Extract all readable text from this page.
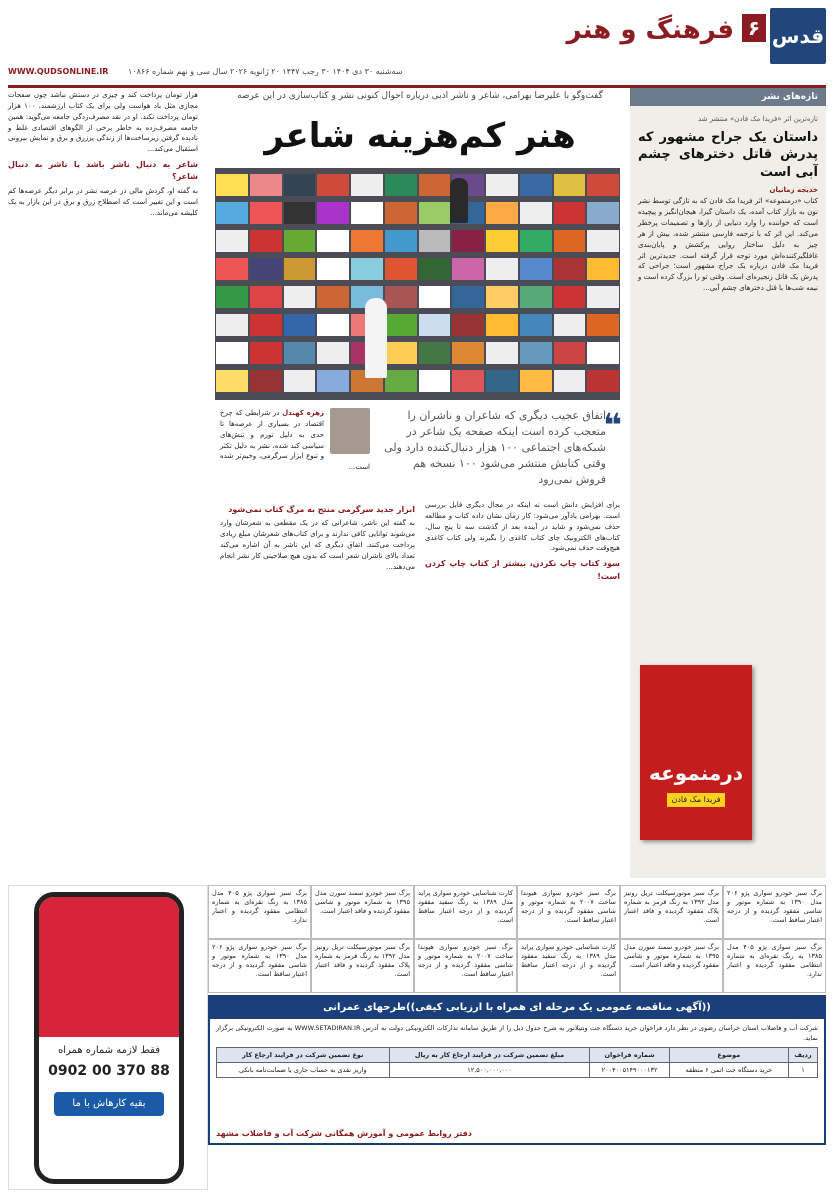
قدس
۶
فرهنگ و هنر
سه‌شنبه ۳۰ دی ۱۴۰۴ ۳۰ رجب ۱۴۴۷ ۲۰ ژانویه ۲۰۲۶ سال سی و نهم شماره ۱۰۸۶۶
WWW.QUDSONLINE.IR
تازه‌های نشر
تازه‌ترین اثر «فریدا مک فادن» منتشر شد
داستان یک جراح مشهور که پدرش قاتل دختر‌های چشم آبی است
خدیجه زمانیان

کتاب «درمنموعه» اثر فریدا مک فادن که به تازگی توسط نشر نون به بازار کتاب آمده، یک داستان گیرا، هیجان‌انگیز و پیچیده است که خواننده را وارد دنیایی از رازها و تصمیمات پرخطر می‌کند. این اثر که با ترجمه فارسی منتشر شده، بیش از هر چیز به دلیل ساختار روایی پرکشش و پایان‌بندی غافلگیرکننده‌اش مورد توجه قرار گرفته است. جدیدترین اثر فریدا مک فادن درباره یک جراح مشهور است؛ جراحی که پدرش یک قاتل زنجیره‌ای است. وقتی تو را بزرگ کرده است و نیمه شب‌ها با قتل دختر‌های چشم آبی...

درمنموعه
فریدا مک فادن
گفت‌وگو با علیرضا بهرامی، شاعر و ناشر ادبی درباره احوال کنونی نشر و کتاب‌سازی در این عرصه
هنر کم‌هزینه شاعر
❝
اتفاق عجیب دیگری که شاعران و ناشران را متعجب کرده است اینکه صفحه یک شاعر در شبکه‌های اجتماعی ۱۰۰ هزار دنبال‌کننده دارد ولی وقتی کتابش منتشر می‌شود ۱۰۰ نسخه هم فروش نمی‌رود
زهره کهندل در شرایطی که چرخ اقتصاد در بسیاری از عرصه‌ها تا حدی به دلیل تورم و تنش‌های سیاسی کند شده، نشر به دلیل تکثر و تنوع ابزار سرگرمی، وخیم‌تر شده است...

برای افزایش دانش است نه اینکه در مجال دیگری قابل بررسی است. بهرامی یادآور می‌شود: کار زمان نشان داده کتاب و مطالعه حذف نمی‌شود و شاید در آینده بعد از گذشت سه تا پنج سال، کتاب‌های الکترونیک جای کتاب کاغذی را بگیرند ولی کتاب کاغذی هیچ‌وقت حذف نمی‌شود.

سود کتاب چاپ نکردن، بیشتر از کتاب چاپ کردن است!
ابزار جدید سرگرمی منتج به مرگ کتاب نمی‌شود

به گفته این ناشر، شاعرانی که در یک مقطعی به شعرشان وارد می‌شوند توانایی کافی ندارند و برای کتاب‌های شعرشان مبلغ زیادی پرداخت می‌کنند. اتفاق دیگری که این ناشر به آن اشاره می‌کند تعداد بالای ناشران شعر است که بدون هیچ صلاحیتی کار نشر انجام می‌دهند...

هزار تومان پرداخت کند و چیزی در دستش نباشد چون صفحات مجازی مثل باد هواست ولی برای یک کتاب ارزشمند، ۱۰۰ هزار تومان پرداخت نکند. او در نقد مصرف‌زدگی جامعه می‌گوید: همین جامعه مصرف‌زده به خاطر برخی از الگوهای اقتصادی غلط و نادیده گرفتن زیرساخت‌ها از زندگی پرزرق و برق و نمایش بیرونی استقبال می‌کند...

شاعر به دنبال ناشر باشد یا ناشر به دنبال شاعر؟

به گفته او، گردش مالی در عرصه نشر در برابر دیگر عرصه‌ها کم است و این تغییر است که اصطلاح زرق و برق در این بازار به یک کلیشه می‌ماند...

فقط لازمه شماره همراه
0902 00 370 88
بقیه کارهاش با ما
برگ سبز خودرو سواری پژو ۲۰۶ مدل ۱۳۹۰ به شماره موتور و شاسی مفقود گردیده و از درجه اعتبار ساقط است.
برگ سبز موتورسیکلت تریل رونیز مدل ۱۳۹۲ به رنگ قرمز به شماره پلاک مفقود گردیده و فاقد اعتبار است.
برگ سبز خودرو سواری هیوندا ساخت ۲۰۰۷ به شماره موتور و شاسی مفقود گردیده و از درجه اعتبار ساقط است.
کارت شناسایی خودرو سواری پراید مدل ۱۳۸۹ به رنگ سفید مفقود گردیده و از درجه اعتبار ساقط است.
برگ سبز خودرو سمند سورن مدل ۱۳۹۵ به شماره موتور و شاسی مفقود گردیده و فاقد اعتبار است.
برگ سبز سواری پژو ۴۰۵ مدل ۱۳۸۵ به رنگ نقره‌ای به شماره انتظامی مفقود گردیده و اعتبار ندارد.
برگ سبز سواری پژو ۴۰۵ مدل ۱۳۸۵ به رنگ نقره‌ای به شماره انتظامی مفقود گردیده و اعتبار ندارد.
برگ سبز خودرو سمند سورن مدل ۱۳۹۵ به شماره موتور و شاسی مفقود گردیده و فاقد اعتبار است.
کارت شناسایی خودرو سواری پراید مدل ۱۳۸۹ به رنگ سفید مفقود گردیده و از درجه اعتبار ساقط است.
برگ سبز خودرو سواری هیوندا ساخت ۲۰۰۷ به شماره موتور و شاسی مفقود گردیده و از درجه اعتبار ساقط است.
برگ سبز موتورسیکلت تریل رونیز مدل ۱۳۹۲ به رنگ قرمز به شماره پلاک مفقود گردیده و فاقد اعتبار است.
برگ سبز خودرو سواری پژو ۲۰۶ مدل ۱۳۹۰ به شماره موتور و شاسی مفقود گردیده و از درجه اعتبار ساقط است.
((آگهی مناقصه عمومی یک مرحله ای همراه با ارزیابی کیفی))طرحهای عمرانی

شرکت آب و فاضلاب استان خراسان رضوی در نظر دارد فراخوان خرید دستگاه جت ونتیلاتور به شرح جدول ذیل را از طریق سامانه تدارکات الکترونیکی دولت به آدرس WWW.SETADIRAN.IR به صورت الکترونیکی برگزار نماید.

ردیف	موضوع	شماره فراخوان	مبلغ تضمین شرکت در فرایند ارجاع کار به ریال	نوع تضمین شرکت در فرایند ارجاع کار
۱	خرید دستگاه جت اتمی ۶ منطقه	۲۰۰۴۰۰۵۱۴۹۰۰۰۱۳۲	۱۲,۵۰۰,۰۰۰,۰۰۰	واریز نقدی به حساب جاری یا ضمانت‌نامه بانکی
دفتر روابط عمومی و آموزش همگانی شرکت آب و فاضلاب مشهد
